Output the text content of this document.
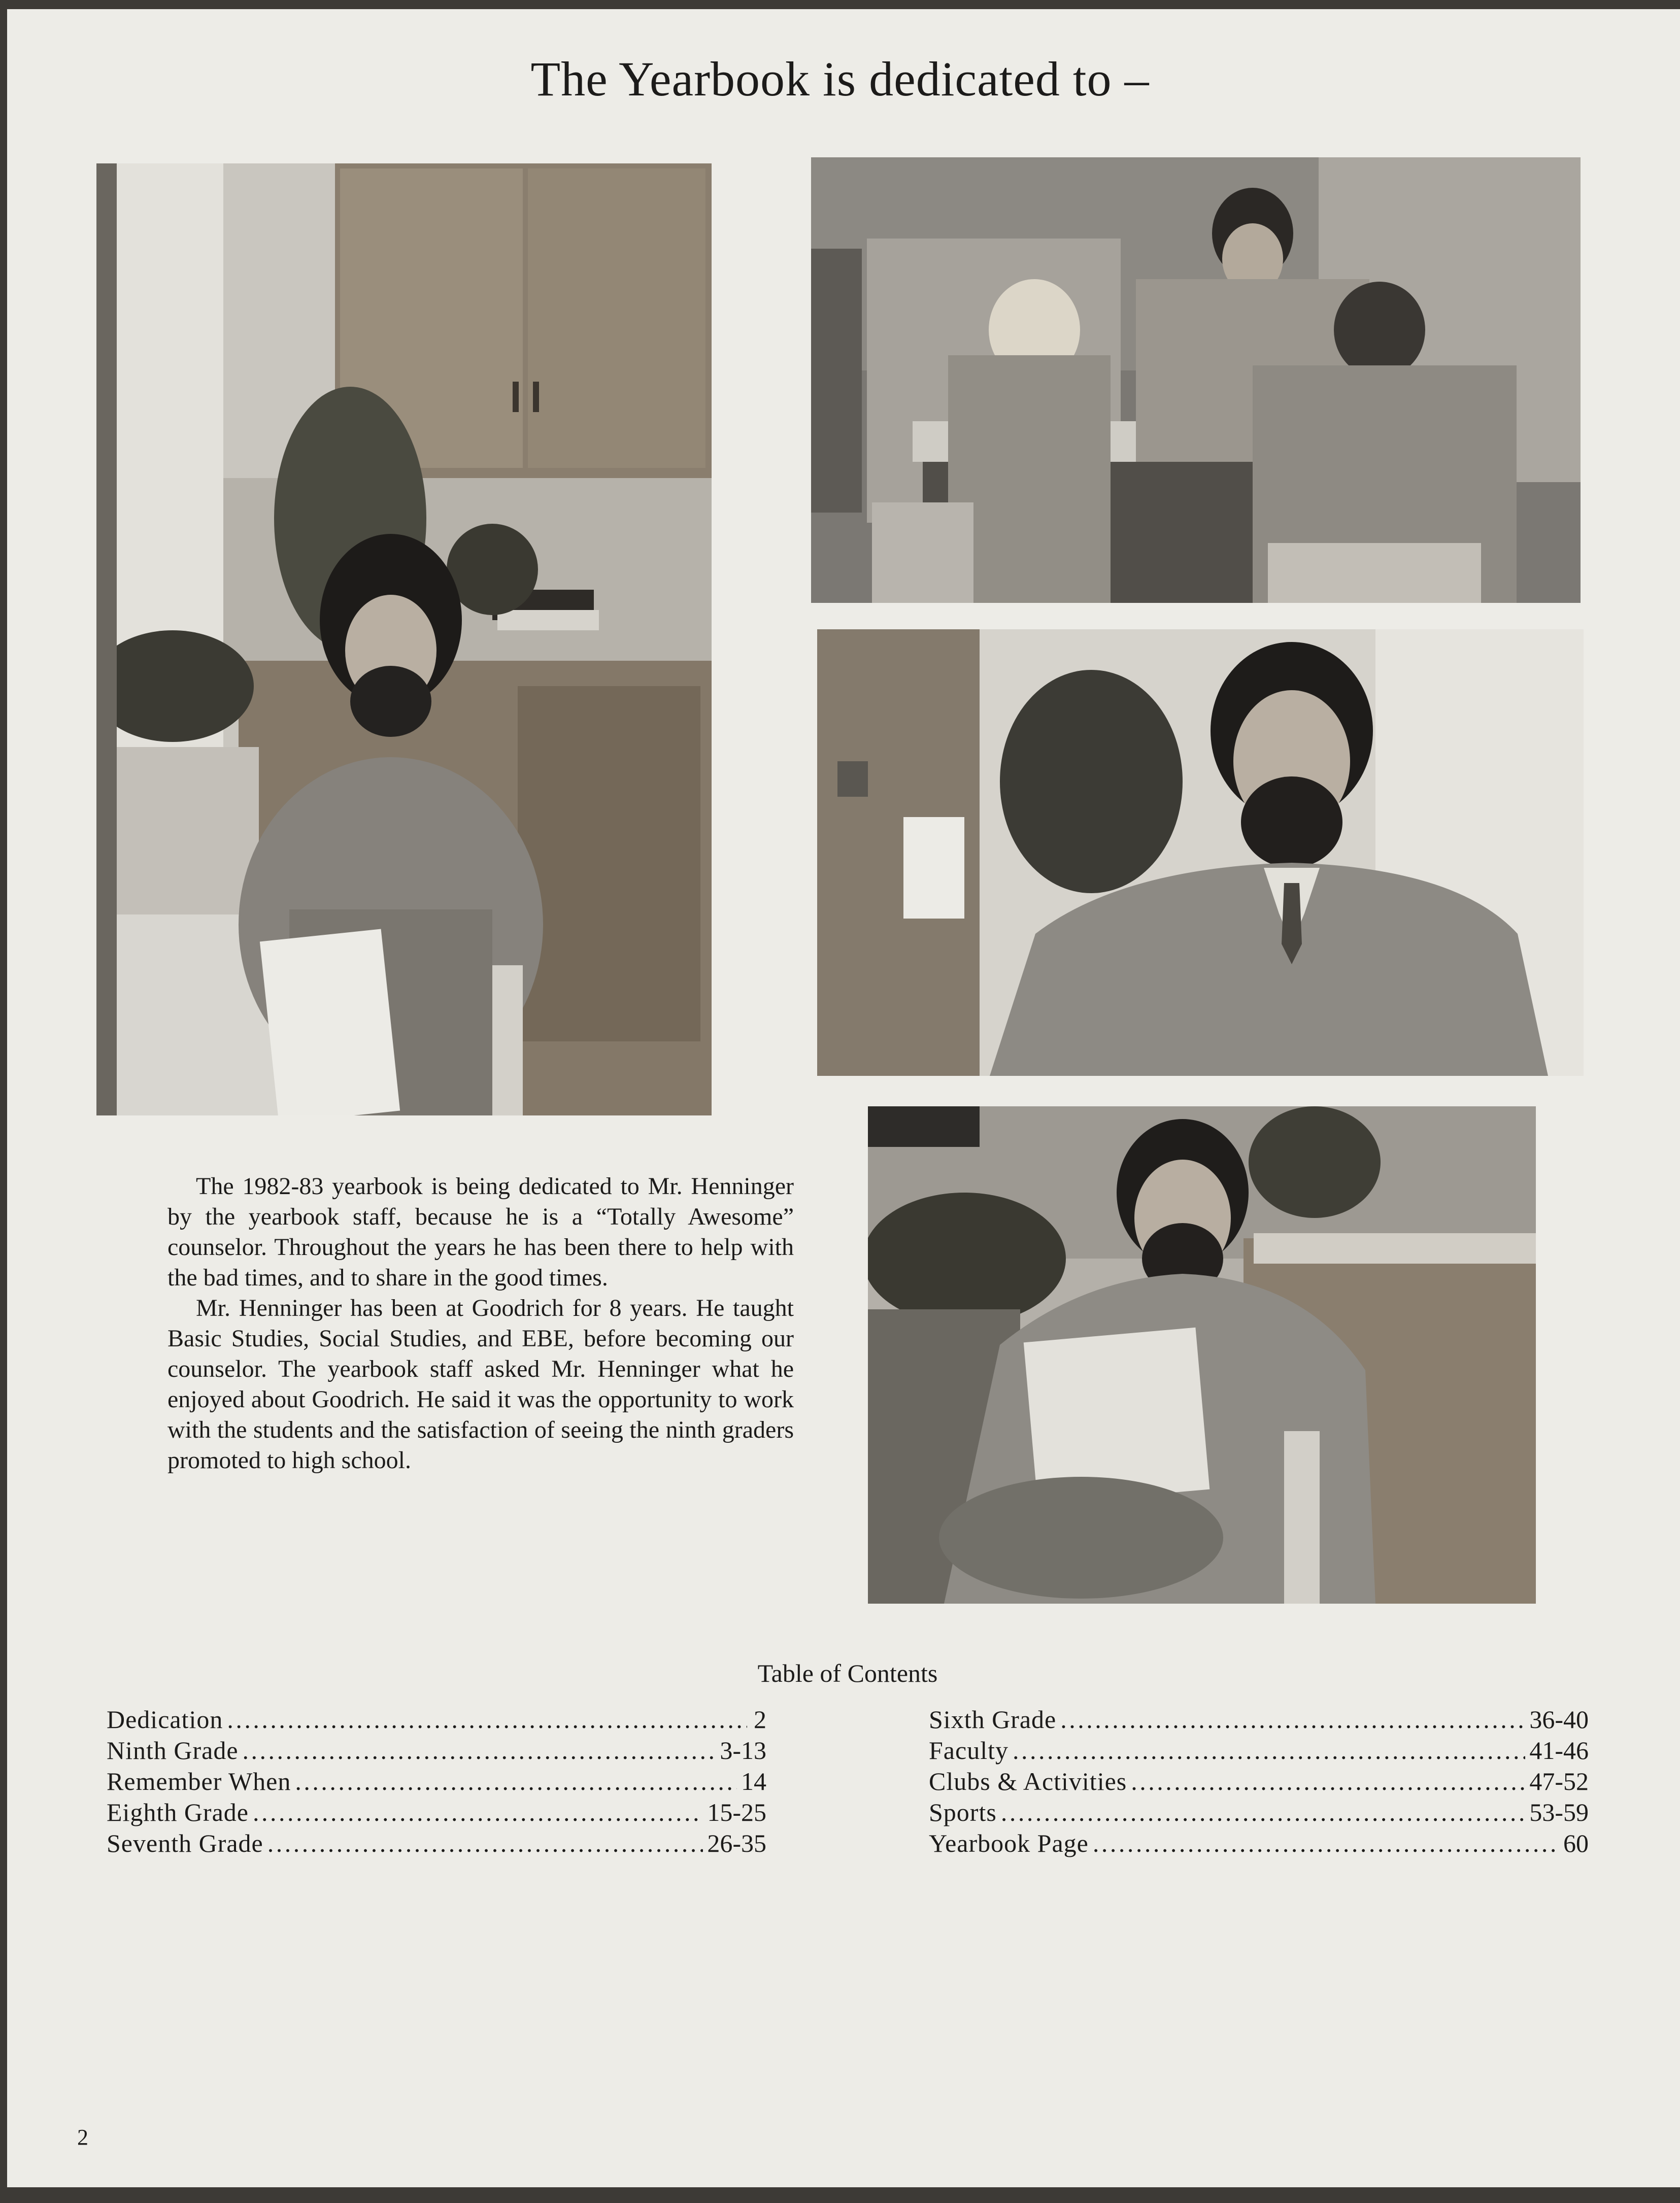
The Yearbook is dedicated to –

The 1982-83 yearbook is being dedicated to Mr. Henninger by the yearbook staff, because he is a “Totally Awesome” counselor. Throughout the years he has been there to help with the bad times, and to share in the good times.

Mr. Henninger has been at Goodrich for 8 years. He taught Basic Studies, Social Studies, and EBE, before becoming our counselor. The yearbook staff asked Mr. Henninger what he enjoyed about Goodrich. He said it was the opportunity to work with the students and the satisfaction of seeing the ninth graders promoted to high school.

Table of Contents
Dedication . . .	2
Ninth Grade . . .	3-13
Remember When . . .	14
Eighth Grade . . .	15-25
Seventh Grade . . .	26-35
Sixth Grade . . .	36-40
Faculty . . .	41-46
Clubs & Activities . . .	47-52
Sports . . .	53-59
Yearbook Page . . .	60
2
